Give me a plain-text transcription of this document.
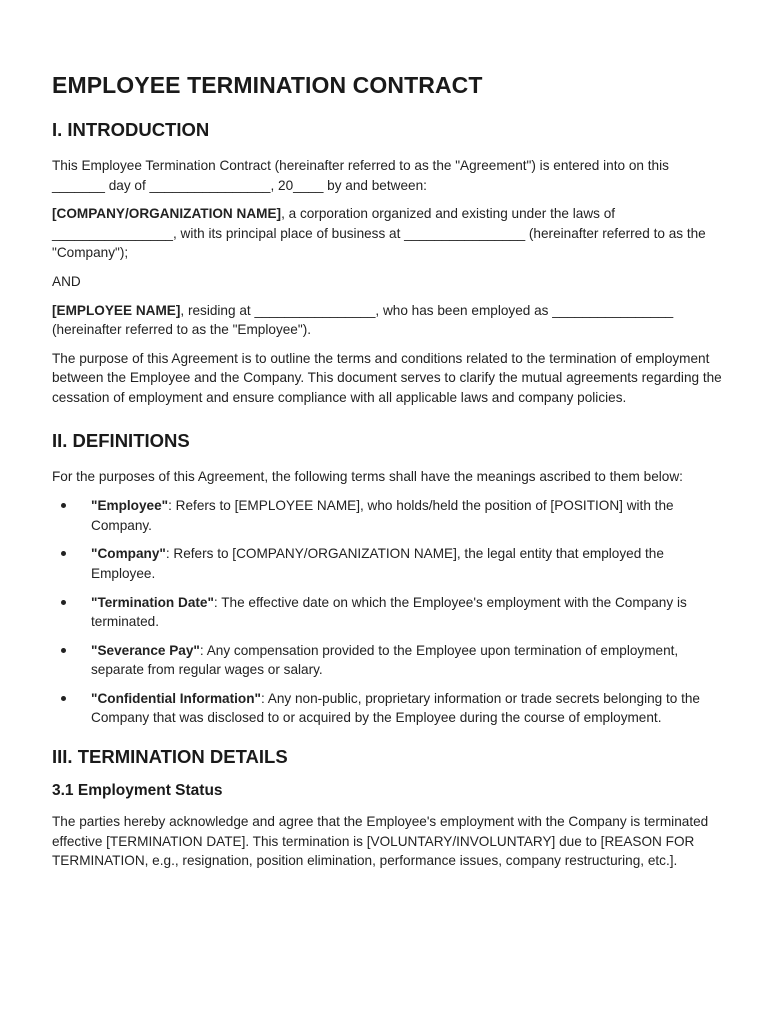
EMPLOYEE TERMINATION CONTRACT
I. INTRODUCTION

This Employee Termination Contract (hereinafter referred to as the "Agreement") is entered into on this _______ day of ________________, 20____ by and between:

[COMPANY/ORGANIZATION NAME], a corporation organized and existing under the laws of ________________, with its principal place of business at ________________ (hereinafter referred to as the "Company");

AND

[EMPLOYEE NAME], residing at ________________, who has been employed as ________________ (hereinafter referred to as the "Employee").

The purpose of this Agreement is to outline the terms and conditions related to the termination of employment between the Employee and the Company. This document serves to clarify the mutual agreements regarding the cessation of employment and ensure compliance with all applicable laws and company policies.

II. DEFINITIONS

For the purposes of this Agreement, the following terms shall have the meanings ascribed to them below:

"Employee": Refers to [EMPLOYEE NAME], who holds/held the position of [POSITION] with the Company.
"Company": Refers to [COMPANY/ORGANIZATION NAME], the legal entity that employed the Employee.
"Termination Date": The effective date on which the Employee's employment with the Company is terminated.
"Severance Pay": Any compensation provided to the Employee upon termination of employment, separate from regular wages or salary.
"Confidential Information": Any non-public, proprietary information or trade secrets belonging to the Company that was disclosed to or acquired by the Employee during the course of employment.
III. TERMINATION DETAILS
3.1 Employment Status

The parties hereby acknowledge and agree that the Employee's employment with the Company is terminated effective [TERMINATION DATE]. This termination is [VOLUNTARY/INVOLUNTARY] due to [REASON FOR TERMINATION, e.g., resignation, position elimination, performance issues, company restructuring, etc.].
